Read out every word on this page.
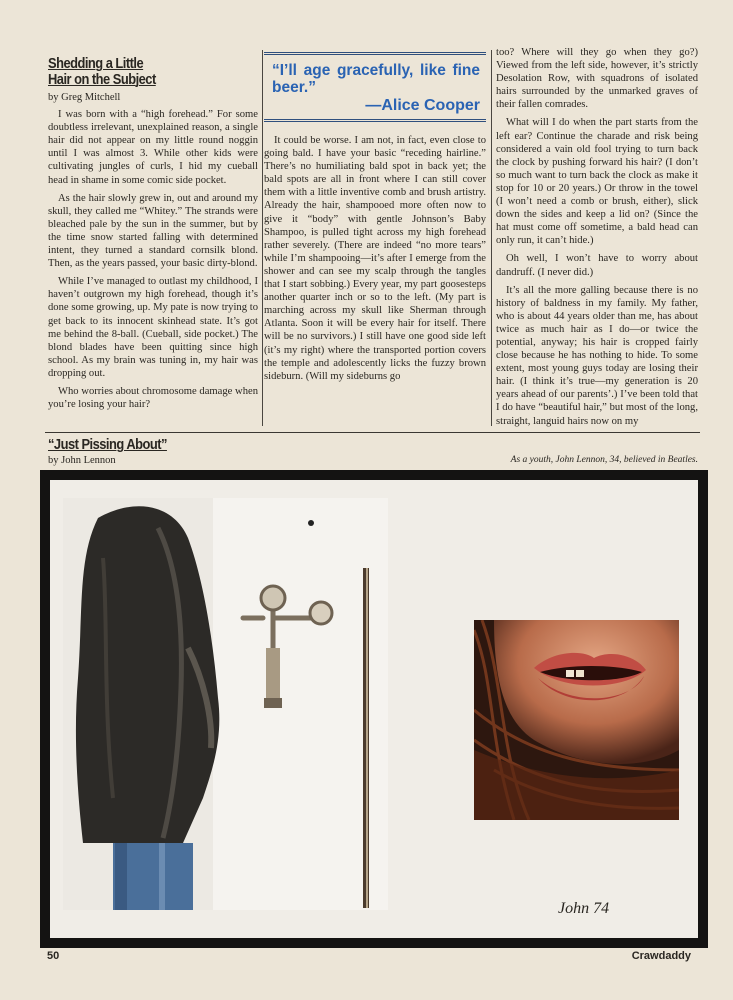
Shedding a Little
Hair on the Subject
by Greg Mitchell

I was born with a “high forehead.” For some doubtless irrelevant, unexplained reason, a single hair did not appear on my little round noggin until I was almost 3. While other kids were cultivating jungles of curls, I hid my cueball head in shame in some comic side pocket.

As the hair slowly grew in, out and around my skull, they called me “Whitey.” The strands were bleached pale by the sun in the summer, but by the time snow started falling with determined intent, they turned a standard cornsilk blond. Then, as the years passed, your basic dirty-blond.

While I’ve managed to outlast my childhood, I haven’t outgrown my high forehead, though it’s done some growing, up. My pate is now trying to get back to its innocent skinhead state. It’s got me behind the 8-ball. (Cueball, side pocket.) The blond blades have been quitting since high school. As my brain was tuning in, my hair was dropping out.

Who worries about chromosome damage when you’re losing your hair?

“I’ll age gracefully, like fine beer.”
—Alice Cooper

It could be worse. I am not, in fact, even close to going bald. I have your basic “receding hairline.” There’s no humiliating bald spot in back yet; the bald spots are all in front where I can still cover them with a little inventive comb and brush artistry. Already the hair, shampooed more often now to give it “body” with gentle Johnson’s Baby Shampoo, is pulled tight across my high forehead rather severely. (There are indeed “no more tears” while I’m shampooing—it’s after I emerge from the shower and can see my scalp through the tangles that I start sobbing.) Every year, my part goosesteps another quarter inch or so to the left. (My part is marching across my skull like Sherman through Atlanta. Soon it will be every hair for itself. There will be no survivors.) I still have one good side left (it’s my right) where the transported portion covers the temple and adolescently licks the fuzzy brown sideburn. (Will my sideburns go

too? Where will they go when they go?) Viewed from the left side, however, it’s strictly Desolation Row, with squadrons of isolated hairs surrounded by the unmarked graves of their fallen comrades.

What will I do when the part starts from the left ear? Continue the charade and risk being considered a vain old fool trying to turn back the clock by pushing forward his hair? (I don’t so much want to turn back the clock as make it stop for 10 or 20 years.) Or throw in the towel (I won’t need a comb or brush, either), slick down the sides and keep a lid on? (Since the hat must come off sometime, a bald head can only run, it can’t hide.)

Oh well, I won’t have to worry about dandruff. (I never did.)

It’s all the more galling because there is no history of baldness in my family. My father, who is about 44 years older than me, has about twice as much hair as I do—or twice the potential, anyway; his hair is cropped fairly close because he has nothing to hide. To some extent, most young guys today are losing their hair. (I think it’s true—my generation is 20 years ahead of our parents’.) I’ve been told that I do have “beautiful hair,” but most of the long, straight, languid hairs now on my

“Just Pissing About”
by John Lennon	As a youth, John Lennon, 34, believed in Beatles.
John 74
50	Crawdaddy
